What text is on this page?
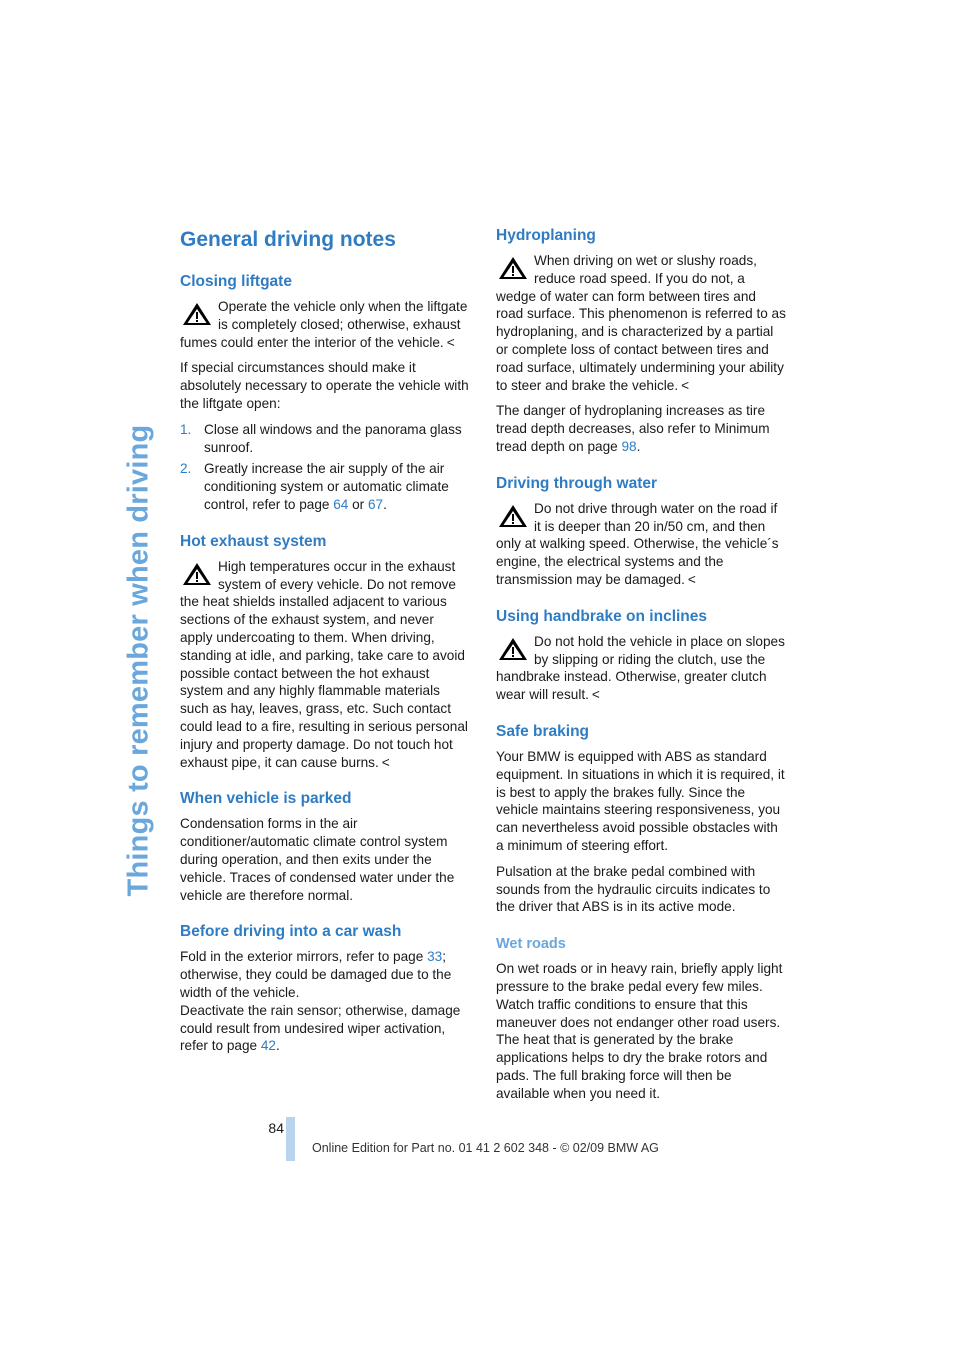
Things to remember when driving
General driving notes
Closing liftgate

Operate the vehicle only when the liftgate is completely closed; otherwise, exhaust fumes could enter the interior of the vehicle. <

If special circumstances should make it absolutely necessary to operate the vehicle with the liftgate open:

1. Close all windows and the panorama glass sunroof.
2. Greatly increase the air supply of the air conditioning system or automatic climate control, refer to page 64 or 67.
Hot exhaust system

High temperatures occur in the exhaust system of every vehicle. Do not remove the heat shields installed adjacent to various sections of the exhaust system, and never apply undercoating to them. When driving, standing at idle, and parking, take care to avoid possible contact between the hot exhaust system and any highly flammable materials such as hay, leaves, grass, etc. Such contact could lead to a fire, resulting in serious personal injury and property damage. Do not touch hot exhaust pipe, it can cause burns. <

When vehicle is parked

Condensation forms in the air conditioner/automatic climate control system during operation, and then exits under the vehicle. Traces of condensed water under the vehicle are therefore normal.

Before driving into a car wash

Fold in the exterior mirrors, refer to page 33; otherwise, they could be damaged due to the width of the vehicle.

Deactivate the rain sensor; otherwise, damage could result from undesired wiper activation, refer to page 42.

Hydroplaning

When driving on wet or slushy roads, reduce road speed. If you do not, a wedge of water can form between tires and road surface. This phenomenon is referred to as hydroplaning, and is characterized by a partial or complete loss of contact between tires and road surface, ultimately undermining your ability to steer and brake the vehicle. <

The danger of hydroplaning increases as tire tread depth decreases, also refer to Minimum tread depth on page 98.

Driving through water

Do not drive through water on the road if it is deeper than 20 in/50 cm, and then only at walking speed. Otherwise, the vehicle´s engine, the electrical systems and the transmission may be damaged. <

Using handbrake on inclines

Do not hold the vehicle in place on slopes by slipping or riding the clutch, use the handbrake instead. Otherwise, greater clutch wear will result. <

Safe braking

Your BMW is equipped with ABS as standard equipment. In situations in which it is required, it is best to apply the brakes fully. Since the vehicle maintains steering responsiveness, you can nevertheless avoid possible obstacles with a minimum of steering effort.

Pulsation at the brake pedal combined with sounds from the hydraulic circuits indicates to the driver that ABS is in its active mode.

Wet roads

On wet roads or in heavy rain, briefly apply light pressure to the brake pedal every few miles. Watch traffic conditions to ensure that this maneuver does not endanger other road users. The heat that is generated by the brake applications helps to dry the brake rotors and pads. The full braking force will then be available when you need it.

84
Online Edition for Part no. 01 41 2 602 348 - © 02/09 BMW AG
